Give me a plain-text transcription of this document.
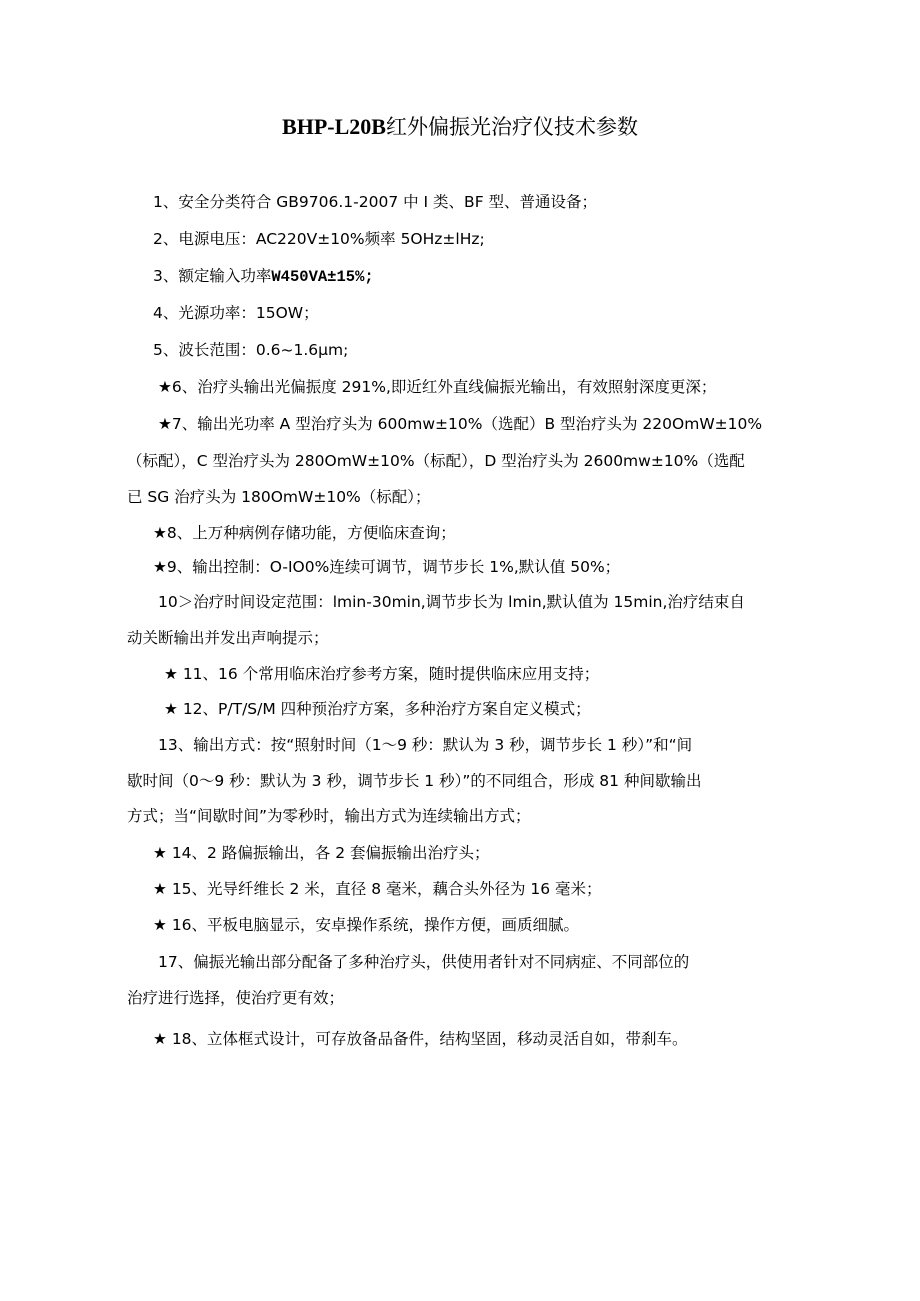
BHP-L20B红外偏振光治疗仪技术参数
1、安全分类符合 GB9706.1-2007 中 I 类、BF 型、普通设备；
2、电源电压：AC220V±10%频率 5OHz±lHz;
3、额定输入功率W450VA±15%;
4、光源功率：15OW；
5、波长范围：0.6~1.6μm;
★6、治疗头输出光偏振度 291%,即近红外直线偏振光输出，有效照射深度更深；
★7、输出光功率 A 型治疗头为 600mw±10%（选配）B 型治疗头为 220OmW±10%
（标配），C 型治疗头为 280OmW±10%（标配），D 型治疗头为 2600mw±10%（选配
已 SG 治疗头为 180OmW±10%（标配）；
★8、上万种病例存储功能，方便临床查询；
★9、输出控制：O-IO0%连续可调节，调节步长 1%,默认值 50%；
10＞治疗时间设定范围：lmin-30min,调节步长为 lmin,默认值为 15min,治疗结束自
动关断输出并发出声响提示；
★ 11、16 个常用临床治疗参考方案，随时提供临床应用支持；
★ 12、P/T/S/M 四种预治疗方案，多种治疗方案自定义模式；
13、输出方式：按“照射时间（1～9 秒：默认为 3 秒，调节步长 1 秒）”和“间
歇时间（0～9 秒：默认为 3 秒，调节步长 1 秒）”的不同组合，形成 81 种间歇输出
方式；当“间歇时间”为零秒时，输出方式为连续输出方式；
★ 14、2 路偏振输出，各 2 套偏振输出治疗头；
★ 15、光导纤维长 2 米，直径 8 毫米，藕合头外径为 16 毫米；
★ 16、平板电脑显示，安卓操作系统，操作方便，画质细腻。
17、偏振光输出部分配备了多种治疗头，供使用者针对不同病症、不同部位的
治疗进行选择，使治疗更有效；
★ 18、立体框式设计，可存放备品备件，结构坚固，移动灵活自如，带刹车。
